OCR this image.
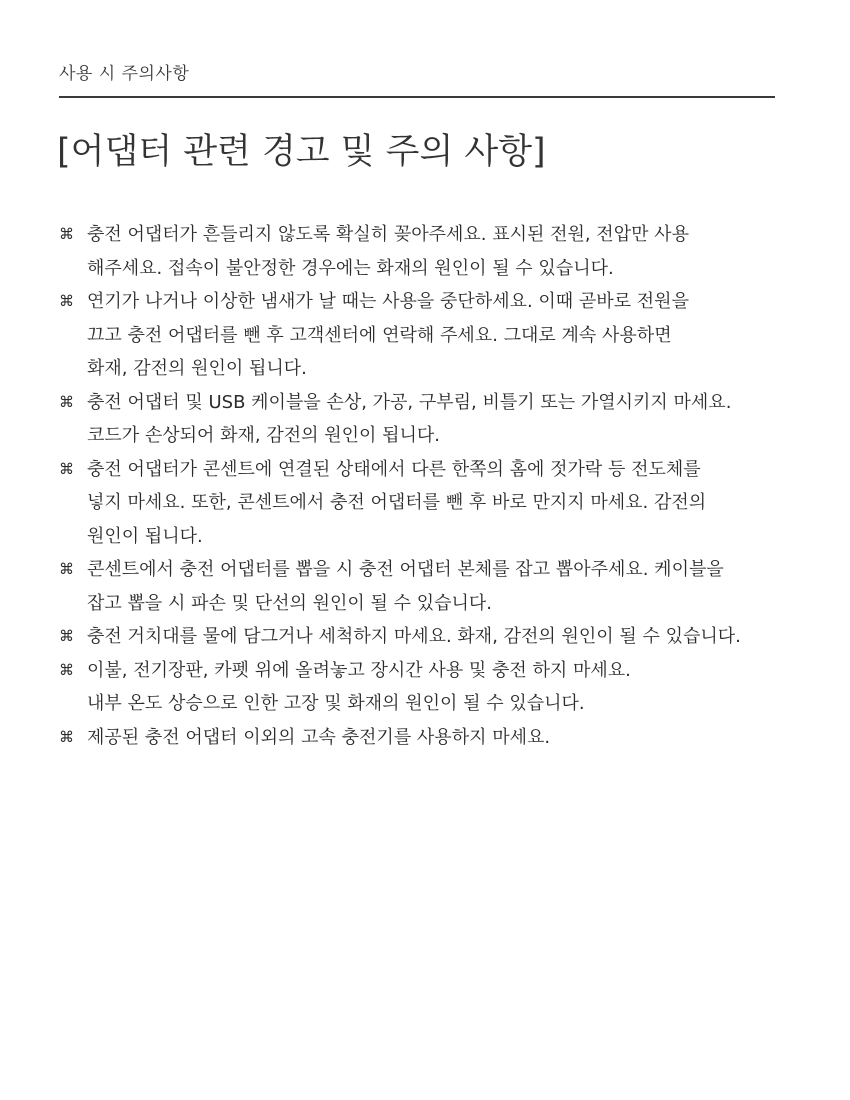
사용 시 주의사항
[어댑터 관련 경고 및 주의 사항]
⌘ 충전 어댑터가 흔들리지 않도록 확실히 꽂아주세요. 표시된 전원, 전압만 사용
해주세요. 접속이 불안정한 경우에는 화재의 원인이 될 수 있습니다.
⌘ 연기가 나거나 이상한 냄새가 날 때는 사용을 중단하세요. 이때 곧바로 전원을
끄고 충전 어댑터를 뺀 후 고객센터에 연락해 주세요. 그대로 계속 사용하면
화재, 감전의 원인이 됩니다.
⌘ 충전 어댑터 및 USB 케이블을 손상, 가공, 구부림, 비틀기 또는 가열시키지 마세요.
코드가 손상되어 화재, 감전의 원인이 됩니다.
⌘ 충전 어댑터가 콘센트에 연결된 상태에서 다른 한쪽의 홈에 젓가락 등 전도체를
넣지 마세요. 또한, 콘센트에서 충전 어댑터를 뺀 후 바로 만지지 마세요. 감전의
원인이 됩니다.
⌘ 콘센트에서 충전 어댑터를 뽑을 시 충전 어댑터 본체를 잡고 뽑아주세요. 케이블을
잡고 뽑을 시 파손 및 단선의 원인이 될 수 있습니다.
⌘ 충전 거치대를 물에 담그거나 세척하지 마세요. 화재, 감전의 원인이 될 수 있습니다.
⌘ 이불, 전기장판, 카펫 위에 올려놓고 장시간 사용 및 충전 하지 마세요.
내부 온도 상승으로 인한 고장 및 화재의 원인이 될 수 있습니다.
⌘ 제공된 충전 어댑터 이외의 고속 충전기를 사용하지 마세요.
